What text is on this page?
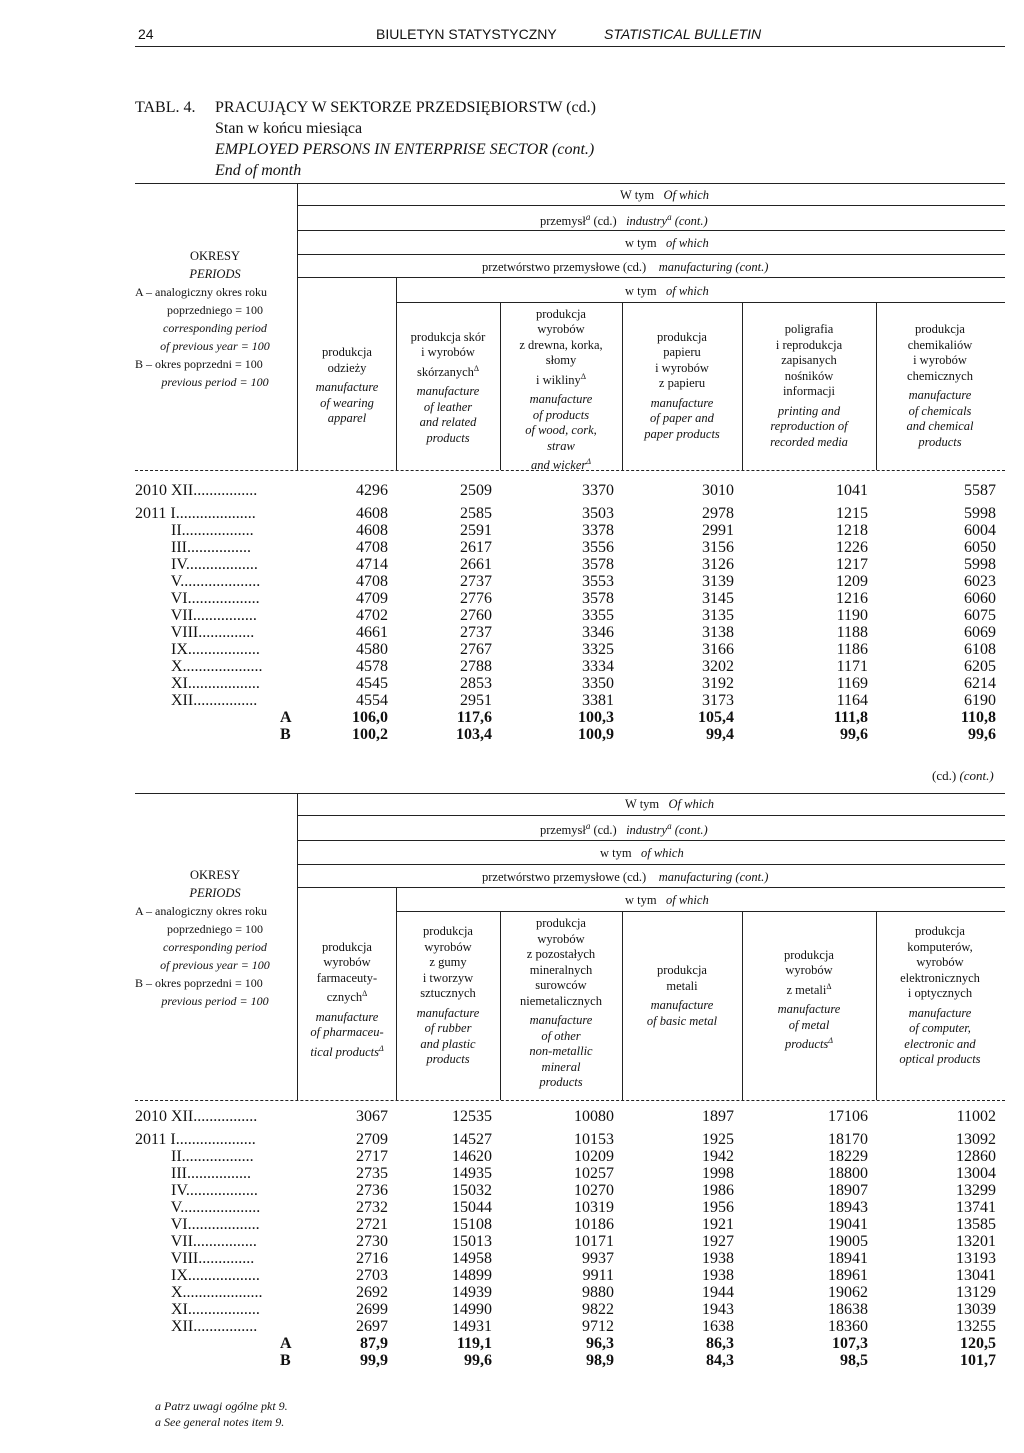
24	BIULETYN STATYSTYCZNY	STATISTICAL BULLETIN
TABL. 4. PRACUJĄCY W SEKTORZE PRZEDSIĘBIORSTW (cd.)
Stan w końcu miesiąca
EMPLOYED PERSONS IN ENTERPRISE SECTOR (cont.)
End of month
W tym Of which
przemysł$^a$ (cd.) industry$^a$ (cont.)
w tym of which
przetwórstwo przemysłowe (cd.) manufacturing (cont.)
w tym of which
OKRESY
PERIODS
A – analogiczny okres roku
poprzedniego = 100
corresponding period
of previous year = 100
B – okres poprzedni = 100
previous period = 100
produkcja
odzieży
manufacture
of wearing
apparel
produkcja skór
i wyrobów
skórzanych$^\Delta$
manufacture
of leather
and related
products
produkcja
wyrobów
z drewna, korka,
słomy
i wikliny$^\Delta$
manufacture
of products
of wood, cork,
straw
and wicker$^\Delta$
produkcja
papieru
i wyrobów
z papieru
manufacture
of paper and
paper products
poligrafia
i reprodukcja
zapisanych
nośników
informacji
printing and
reproduction of
recorded media
produkcja
chemikaliów
i wyrobów
chemicznych
manufacture
of chemicals
and chemical
products
2010 XII................	4296	2509	3370	3010	1041	5587
2011 I....................	4608	2585	3503	2978	1215	5998
II..................	4608	2591	3378	2991	1218	6004
III................	4708	2617	3556	3156	1226	6050
IV..................	4714	2661	3578	3126	1217	5998
V....................	4708	2737	3553	3139	1209	6023
VI..................	4709	2776	3578	3145	1216	6060
VII................	4702	2760	3355	3135	1190	6075
VIII..............	4661	2737	3346	3138	1188	6069
IX..................	4580	2767	3325	3166	1186	6108
X....................	4578	2788	3334	3202	1171	6205
XI..................	4545	2853	3350	3192	1169	6214
XII................	4554	2951	3381	3173	1164	6190
A	106,0	117,6	100,3	105,4	111,8	110,8
B	100,2	103,4	100,9	99,4	99,6	99,6
(cd.) (cont.)
W tym Of which
przemysł$^a$ (cd.) industry$^a$ (cont.)
w tym of which
przetwórstwo przemysłowe (cd.) manufacturing (cont.)
w tym of which
OKRESY
PERIODS
A – analogiczny okres roku
poprzedniego = 100
corresponding period
of previous year = 100
B – okres poprzedni = 100
previous period = 100
produkcja
wyrobów
farmaceuty-
cznych$^\Delta$
manufacture
of pharmaceu-
tical products$^\Delta$
produkcja
wyrobów
z gumy
i tworzyw
sztucznych
manufacture
of rubber
and plastic
products
produkcja
wyrobów
z pozostałych
mineralnych
surowców
niemetalicznych
manufacture
of other
non-metallic
mineral
products
produkcja
metali
manufacture
of basic metal
produkcja
wyrobów
z metali$^\Delta$
manufacture
of metal
products$^\Delta$
produkcja
komputerów,
wyrobów
elektronicznych
i optycznych
manufacture
of computer,
electronic and
optical products
2010 XII................	3067	12535	10080	1897	17106	11002
2011 I....................	2709	14527	10153	1925	18170	13092
II..................	2717	14620	10209	1942	18229	12860
III................	2735	14935	10257	1998	18800	13004
IV..................	2736	15032	10270	1986	18907	13299
V....................	2732	15044	10319	1956	18943	13741
VI..................	2721	15108	10186	1921	19041	13585
VII................	2730	15013	10171	1927	19005	13201
VIII..............	2716	14958	9937	1938	18941	13193
IX..................	2703	14899	9911	1938	18961	13041
X....................	2692	14939	9880	1944	19062	13129
XI..................	2699	14990	9822	1943	18638	13039
XII................	2697	14931	9712	1638	18360	13255
A	87,9	119,1	96,3	86,3	107,3	120,5
B	99,9	99,6	98,9	84,3	98,5	101,7
a Patrz uwagi ogólne pkt 9.
a See general notes item 9.
